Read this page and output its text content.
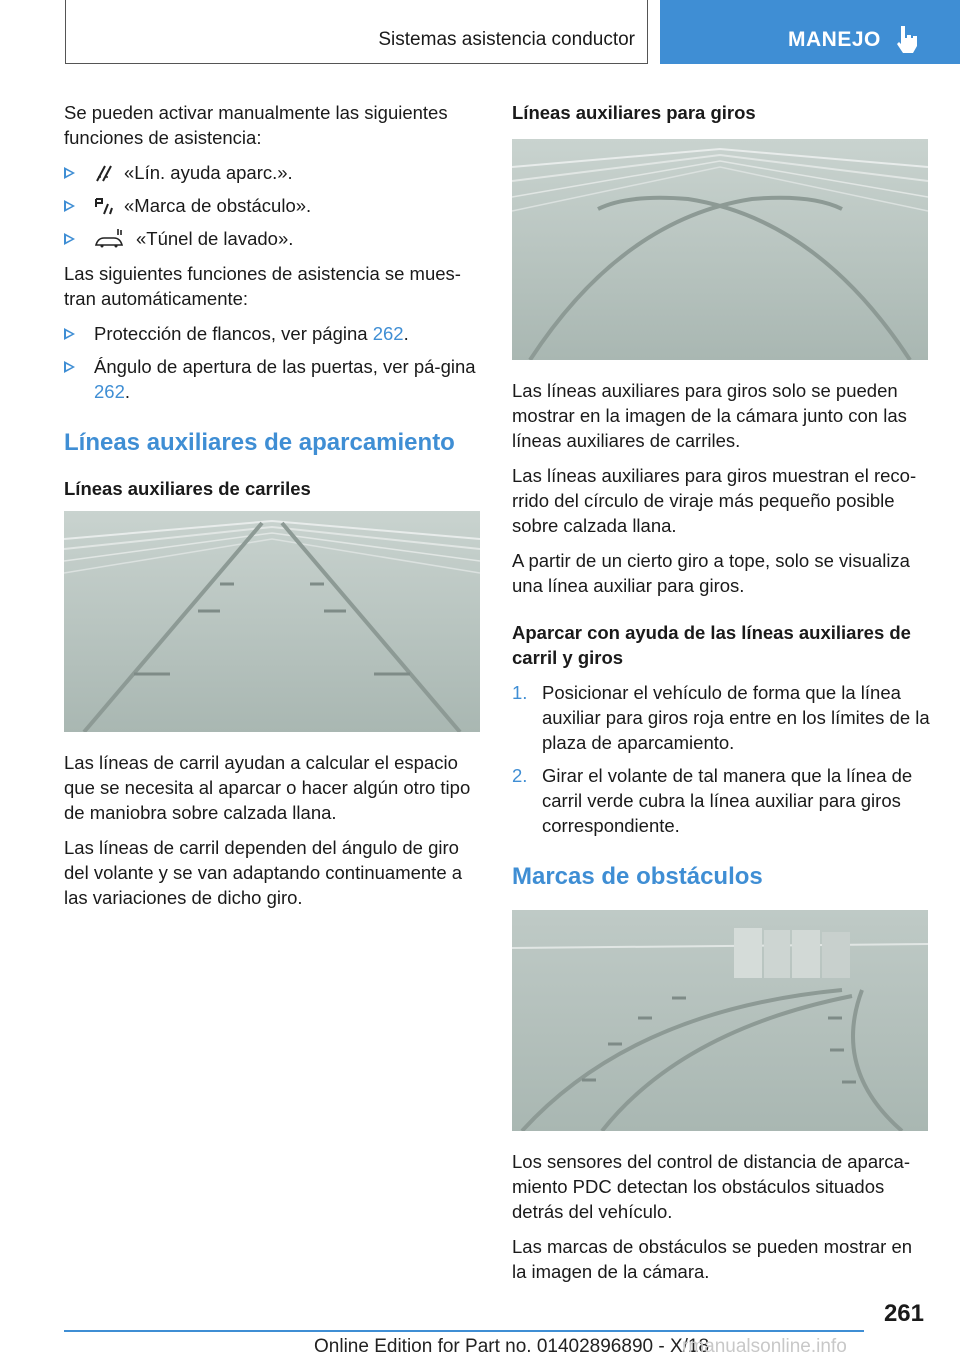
Sistemas asistencia conductor	MANEJO

Se pueden activar manualmente las siguientes funciones de asistencia:

«Lín. ayuda aparc.».
«Marca de obstáculo».
«Túnel de lavado».

Las siguientes funciones de asistencia se mues‐tran automáticamente:

Protección de flancos, ver página 262.
Ángulo de apertura de las puertas, ver pá‐gina 262.
Líneas auxiliares de aparcamiento
Líneas auxiliares de carriles

Las líneas de carril ayudan a calcular el espacio que se necesita al aparcar o hacer algún otro tipo de maniobra sobre calzada llana.

Las líneas de carril dependen del ángulo de giro del volante y se van adaptando continuamente a las variaciones de dicho giro.

Líneas auxiliares para giros

Las líneas auxiliares para giros solo se pueden mostrar en la imagen de la cámara junto con las líneas auxiliares de carriles.

Las líneas auxiliares para giros muestran el reco‐rrido del círculo de viraje más pequeño posible sobre calzada llana.

A partir de un cierto giro a tope, solo se visualiza una línea auxiliar para giros.

Aparcar con ayuda de las líneas auxiliares de carril y giros
1. Posicionar el vehículo de forma que la línea auxiliar para giros roja entre en los límites de la plaza de aparcamiento.
2. Girar el volante de tal manera que la línea de carril verde cubra la línea auxiliar para giros correspondiente.
Marcas de obstáculos

Los sensores del control de distancia de aparca‐miento PDC detectan los obstáculos situados detrás del vehículo.

Las marcas de obstáculos se pueden mostrar en la imagen de la cámara.

261
Online Edition for Part no. 01402896890 - X/18
rmanualsonline.info
